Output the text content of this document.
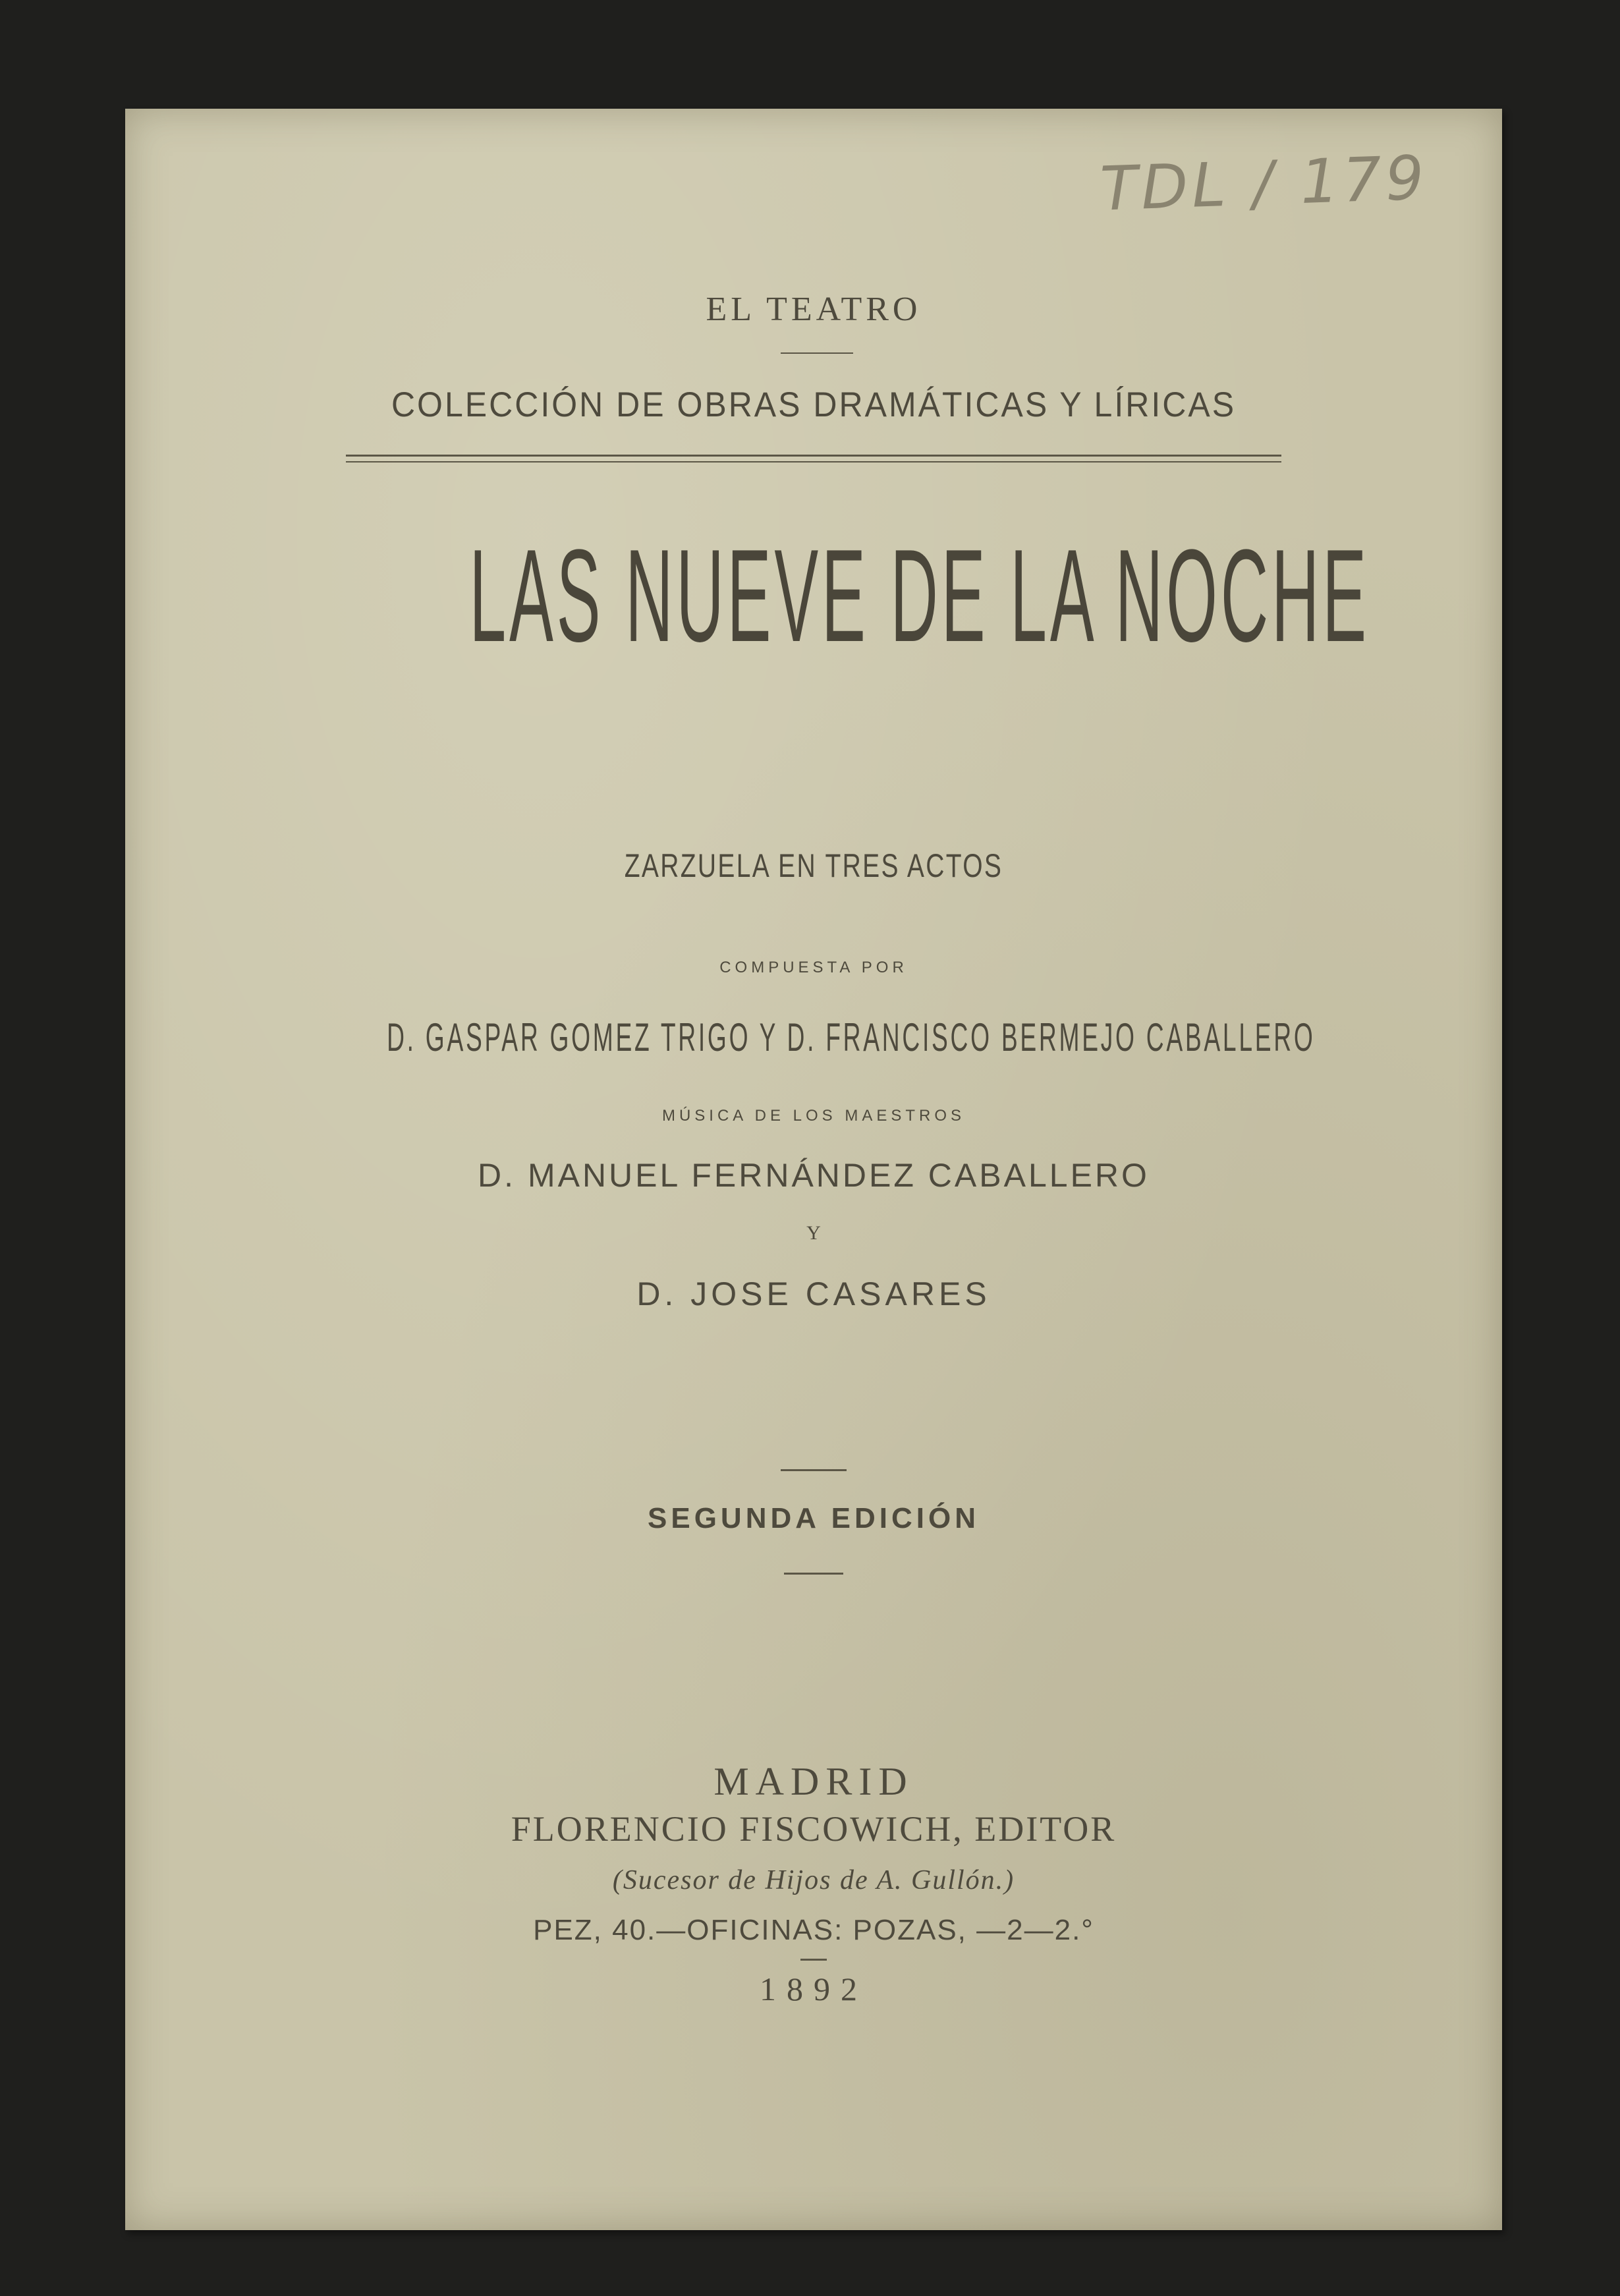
TDL / 179
EL TEATRO
COLECCIÓN DE OBRAS DRAMÁTICAS Y LÍRICAS
LAS NUEVE DE LA NOCHE
ZARZUELA EN TRES ACTOS
COMPUESTA POR
D. GASPAR GOMEZ TRIGO Y D. FRANCISCO BERMEJO CABALLERO
MÚSICA DE LOS MAESTROS
D. MANUEL FERNÁNDEZ CABALLERO
Y
D. JOSE CASARES
SEGUNDA EDICIÓN
MADRID
FLORENCIO FISCOWICH, EDITOR
(Sucesor de Hijos de A. Gullón.)
PEZ, 40.—OFICINAS: POZAS, —2—2.°
1892
